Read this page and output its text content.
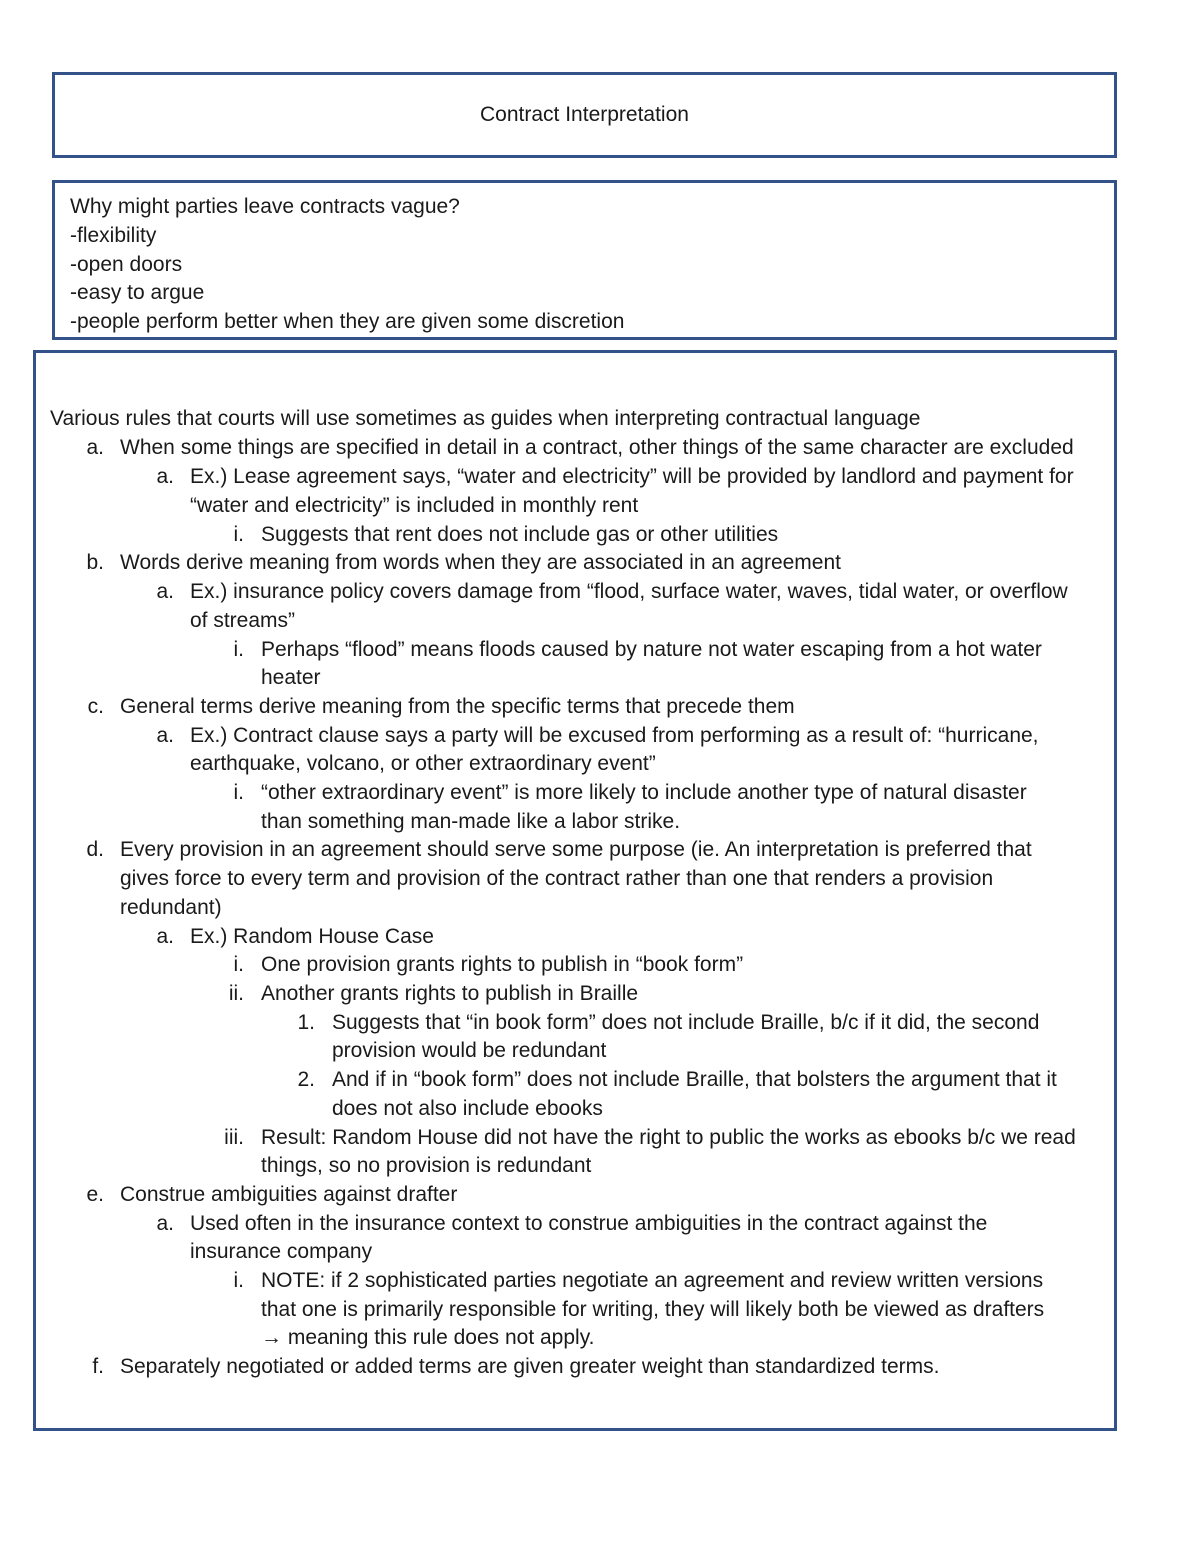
Contract Interpretation
Why might parties leave contracts vague?
-flexibility
-open doors
-easy to argue
-people perform better when they are given some discretion
Various rules that courts will use sometimes as guides when interpreting contractual language
a. When some things are specified in detail in a contract, other things of the same character are excluded
a. Ex.) Lease agreement says, “water and electricity” will be provided by landlord and payment for
“water and electricity” is included in monthly rent
i. Suggests that rent does not include gas or other utilities
b. Words derive meaning from words when they are associated in an agreement
a. Ex.) insurance policy covers damage from “flood, surface water, waves, tidal water, or overflow
of streams”
i. Perhaps “flood” means floods caused by nature not water escaping from a hot water
heater
c. General terms derive meaning from the specific terms that precede them
a. Ex.) Contract clause says a party will be excused from performing as a result of: “hurricane,
earthquake, volcano, or other extraordinary event”
i. “other extraordinary event” is more likely to include another type of natural disaster
than something man-made like a labor strike.
d. Every provision in an agreement should serve some purpose (ie. An interpretation is preferred that
gives force to every term and provision of the contract rather than one that renders a provision
redundant)
a. Ex.) Random House Case
i. One provision grants rights to publish in “book form”
ii. Another grants rights to publish in Braille
1. Suggests that “in book form” does not include Braille, b/c if it did, the second
provision would be redundant
2. And if in “book form” does not include Braille, that bolsters the argument that it
does not also include ebooks
iii. Result: Random House did not have the right to public the works as ebooks b/c we read
things, so no provision is redundant
e. Construe ambiguities against drafter
a. Used often in the insurance context to construe ambiguities in the contract against the
insurance company
i. NOTE: if 2 sophisticated parties negotiate an agreement and review written versions
that one is primarily responsible for writing, they will likely both be viewed as drafters
→ meaning this rule does not apply.
f. Separately negotiated or added terms are given greater weight than standardized terms.
